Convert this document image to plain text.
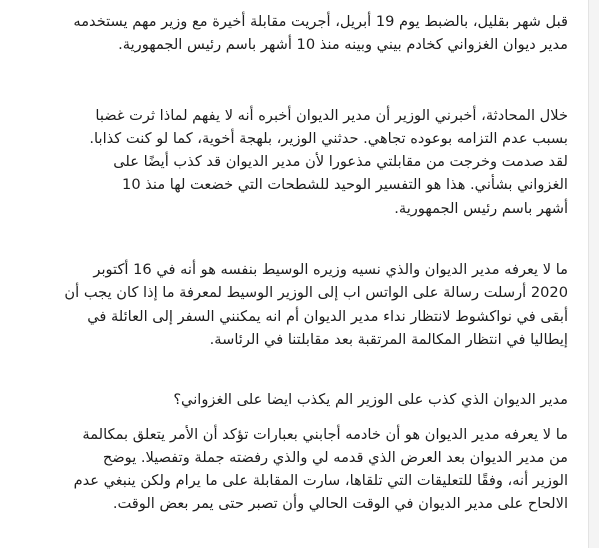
قبل شهر بقليل، بالضبط يوم 19 أبريل، أجريت مقابلة أخيرة مع وزير مهم يستخدمه
مدير ديوان الغزواني كخادم بيني وبينه منذ 10 أشهر باسم رئيس الجمهورية.

خلال المحادثة، أخبرني الوزير أن مدير الديوان أخبره أنه لا يفهم لماذا ثرت غضبا
بسبب عدم التزامه بوعوده تجاهي. حدثني الوزير، بلهجة أخوية، كما لو كنت كذابا.
لقد صدمت وخرجت من مقابلتي مذعورا لأن مدير الديوان قد كذب أيضًا على
الغزواني بشأني. هذا هو التفسير الوحيد للشطحات التي خضعت لها منذ 10
أشهر باسم رئيس الجمهورية.

ما لا يعرفه مدير الديوان والذي نسيه وزيره الوسيط بنفسه هو أنه في 16 أكتوبر
2020 أرسلت رسالة على الواتس اب إلى الوزير الوسيط لمعرفة ما إذا كان يجب أن
أبقى في نواكشوط لانتظار نداء مدير الديوان أم انه يمكنني السفر إلى العائلة في
إيطاليا في انتظار المكالمة المرتقبة بعد مقابلتنا في الرئاسة.

مدير الديوان الذي كذب على الوزير الم يكذب ايضا على الغزواني؟

ما لا يعرفه مدير الديوان هو أن خادمه أجابني بعبارات تؤكد أن الأمر يتعلق بمكالمة
من مدير الديوان بعد العرض الذي قدمه لي والذي رفضته جملة وتفصيلا. يوضح
الوزير أنه، وفقًا للتعليقات التي تلقاها، سارت المقابلة على ما يرام ولكن ينبغي عدم
الالحاح على مدير الديوان في الوقت الحالي وأن تصبر حتى يمر بعض الوقت.
